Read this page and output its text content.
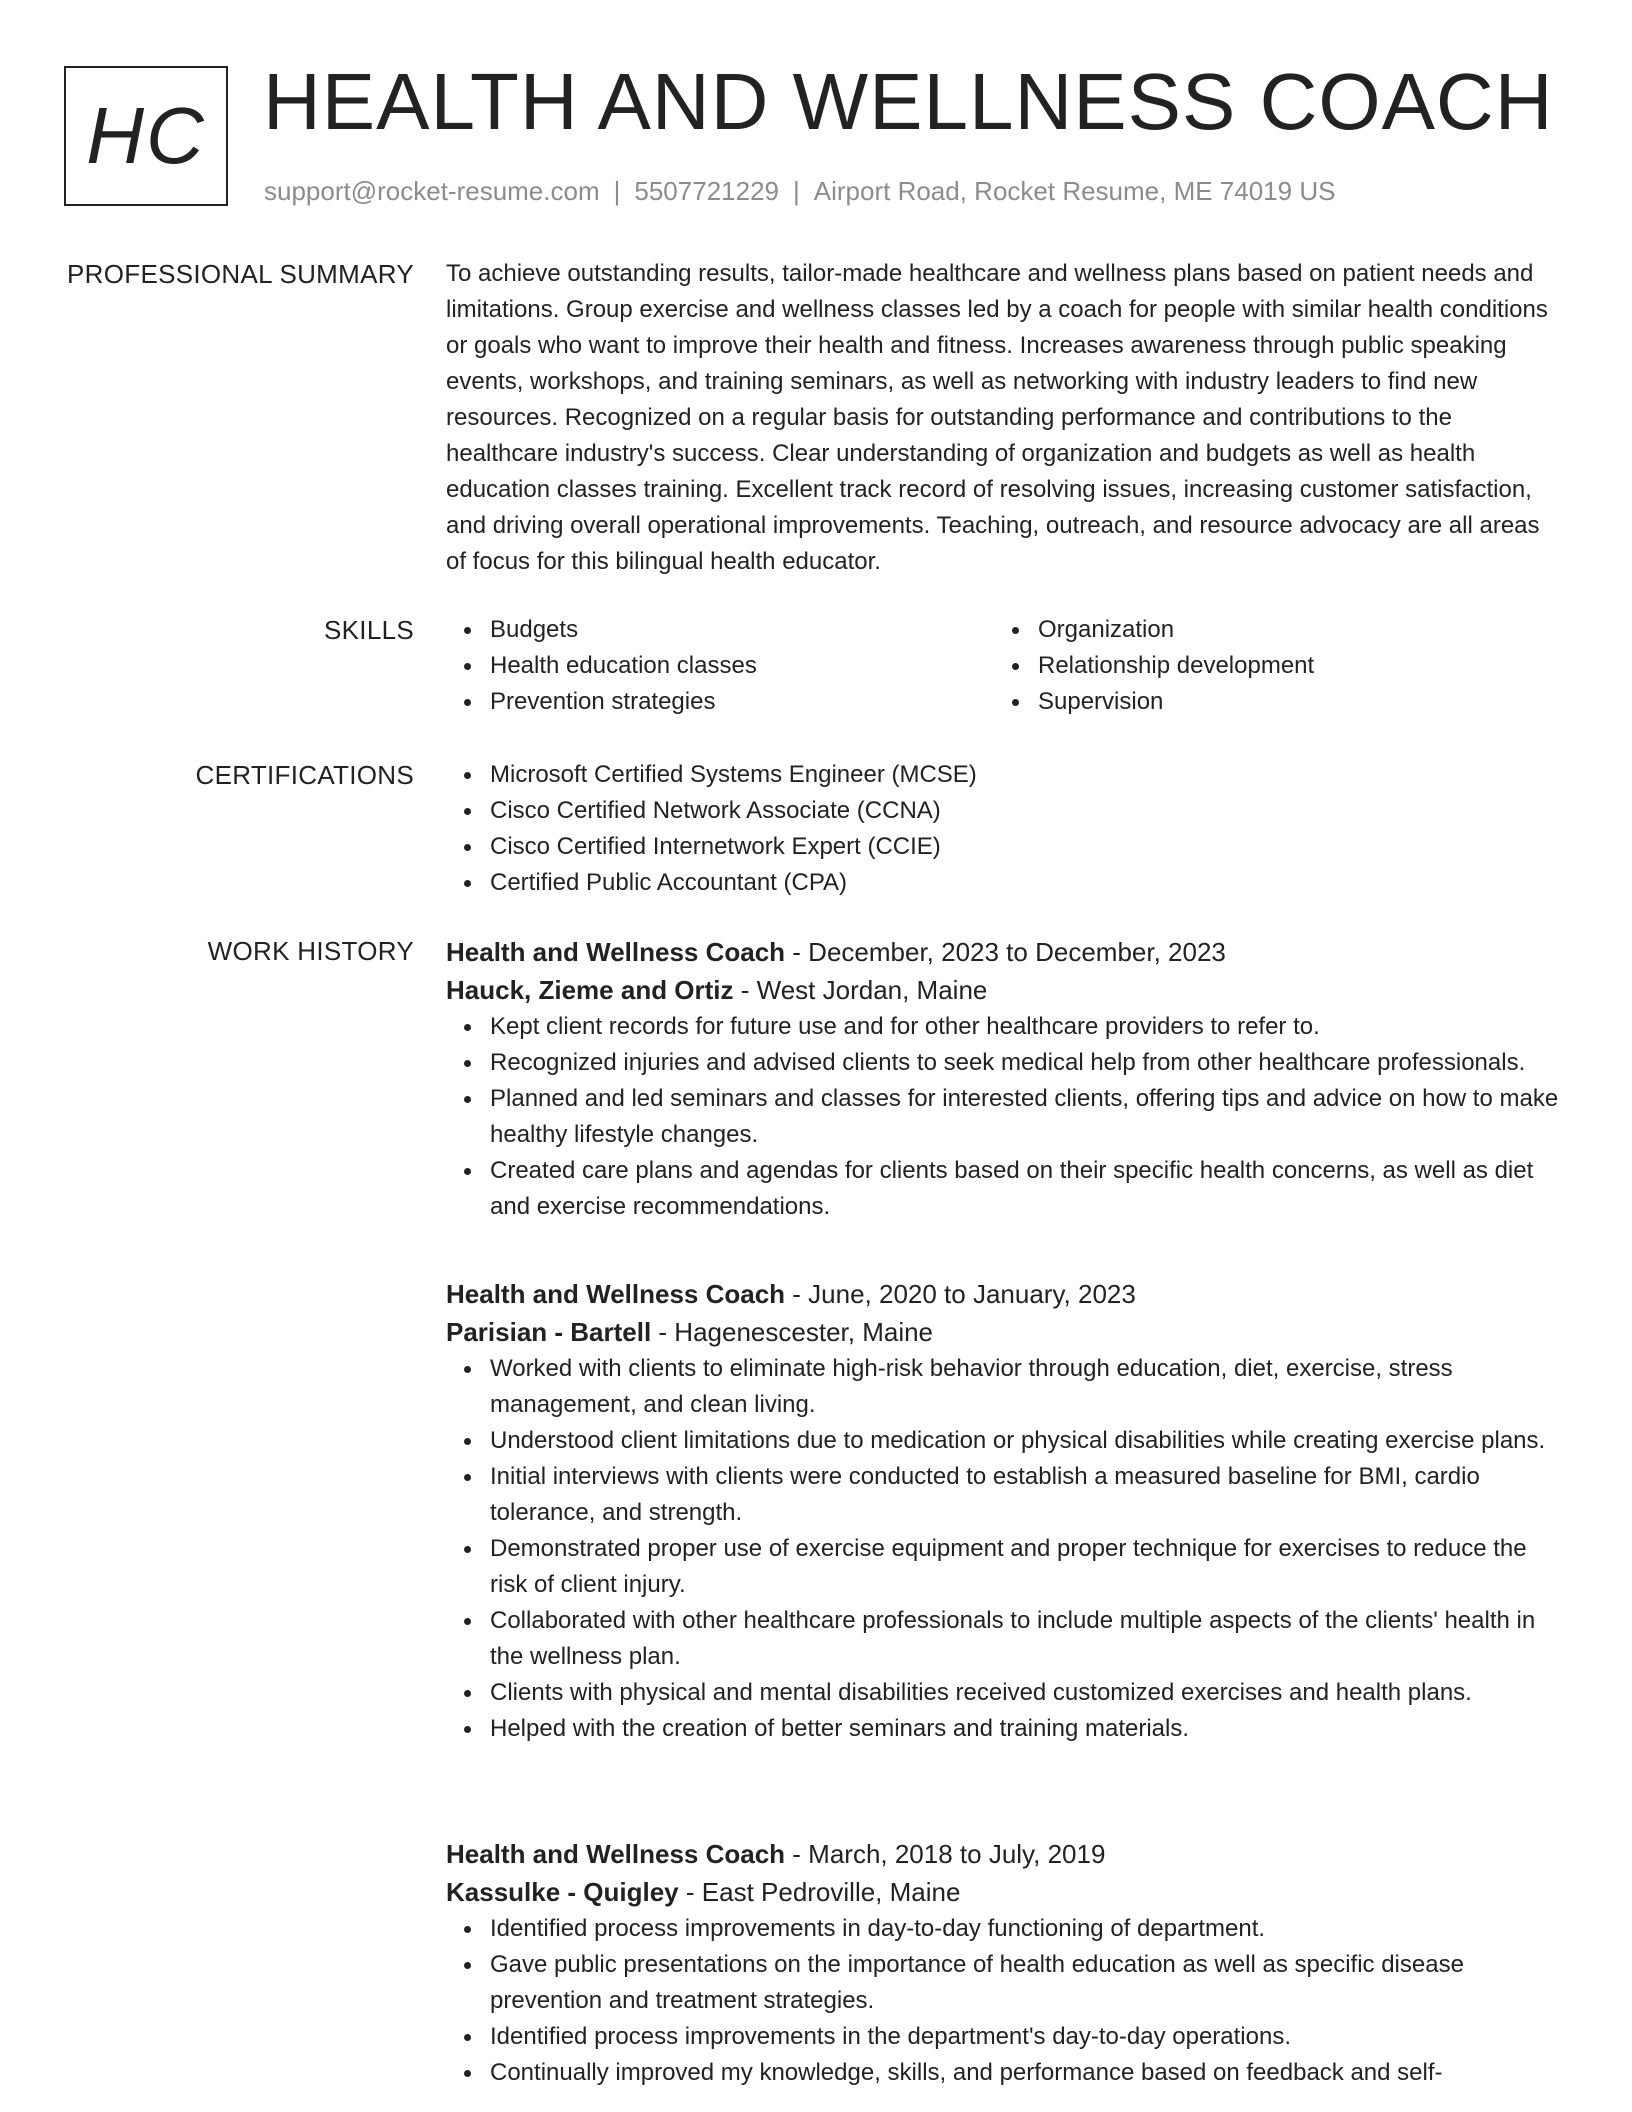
HC HEALTH AND WELLNESS COACH
support@rocket-resume.com | 5507721229 | Airport Road, Rocket Resume, ME 74019 US
PROFESSIONAL SUMMARY To achieve outstanding results, tailor-made healthcare and wellness plans based on patient needs and limitations. Group exercise and wellness classes led by a coach for people with similar health conditions or goals who want to improve their health and fitness. Increases awareness through public speaking events, workshops, and training seminars, as well as networking with industry leaders to find new resources. Recognized on a regular basis for outstanding performance and contributions to the healthcare industry's success. Clear understanding of organization and budgets as well as health education classes training. Excellent track record of resolving issues, increasing customer satisfaction, and driving overall operational improvements. Teaching, outreach, and resource advocacy are all areas of focus for this bilingual health educator.

SKILLS	Budgets
Health education classes
Prevention strategies
Organization
Relationship development
Supervision
CERTIFICATIONS	Microsoft Certified Systems Engineer (MCSE)
Cisco Certified Network Associate (CCNA)
Cisco Certified Internetwork Expert (CCIE)
Certified Public Accountant (CPA)
WORK HISTORY Health and Wellness Coach - December, 2023 to December, 2023
Hauck, Zieme and Ortiz - West Jordan, Maine
Kept client records for future use and for other healthcare providers to refer to.
Recognized injuries and advised clients to seek medical help from other healthcare professionals.
Planned and led seminars and classes for interested clients, offering tips and advice on how to make healthy lifestyle changes.
Created care plans and agendas for clients based on their specific health concerns, as well as diet and exercise recommendations.
Health and Wellness Coach - June, 2020 to January, 2023
Parisian - Bartell - Hagenescester, Maine
Worked with clients to eliminate high-risk behavior through education, diet, exercise, stress management, and clean living.
Understood client limitations due to medication or physical disabilities while creating exercise plans.
Initial interviews with clients were conducted to establish a measured baseline for BMI, cardio tolerance, and strength.
Demonstrated proper use of exercise equipment and proper technique for exercises to reduce the risk of client injury.
Collaborated with other healthcare professionals to include multiple aspects of the clients' health in the wellness plan.
Clients with physical and mental disabilities received customized exercises and health plans.
Helped with the creation of better seminars and training materials.
Health and Wellness Coach - March, 2018 to July, 2019
Kassulke - Quigley - East Pedroville, Maine
Identified process improvements in day-to-day functioning of department.
Gave public presentations on the importance of health education as well as specific disease prevention and treatment strategies.
Identified process improvements in the department's day-to-day operations.
Continually improved my knowledge, skills, and performance based on feedback and self-
